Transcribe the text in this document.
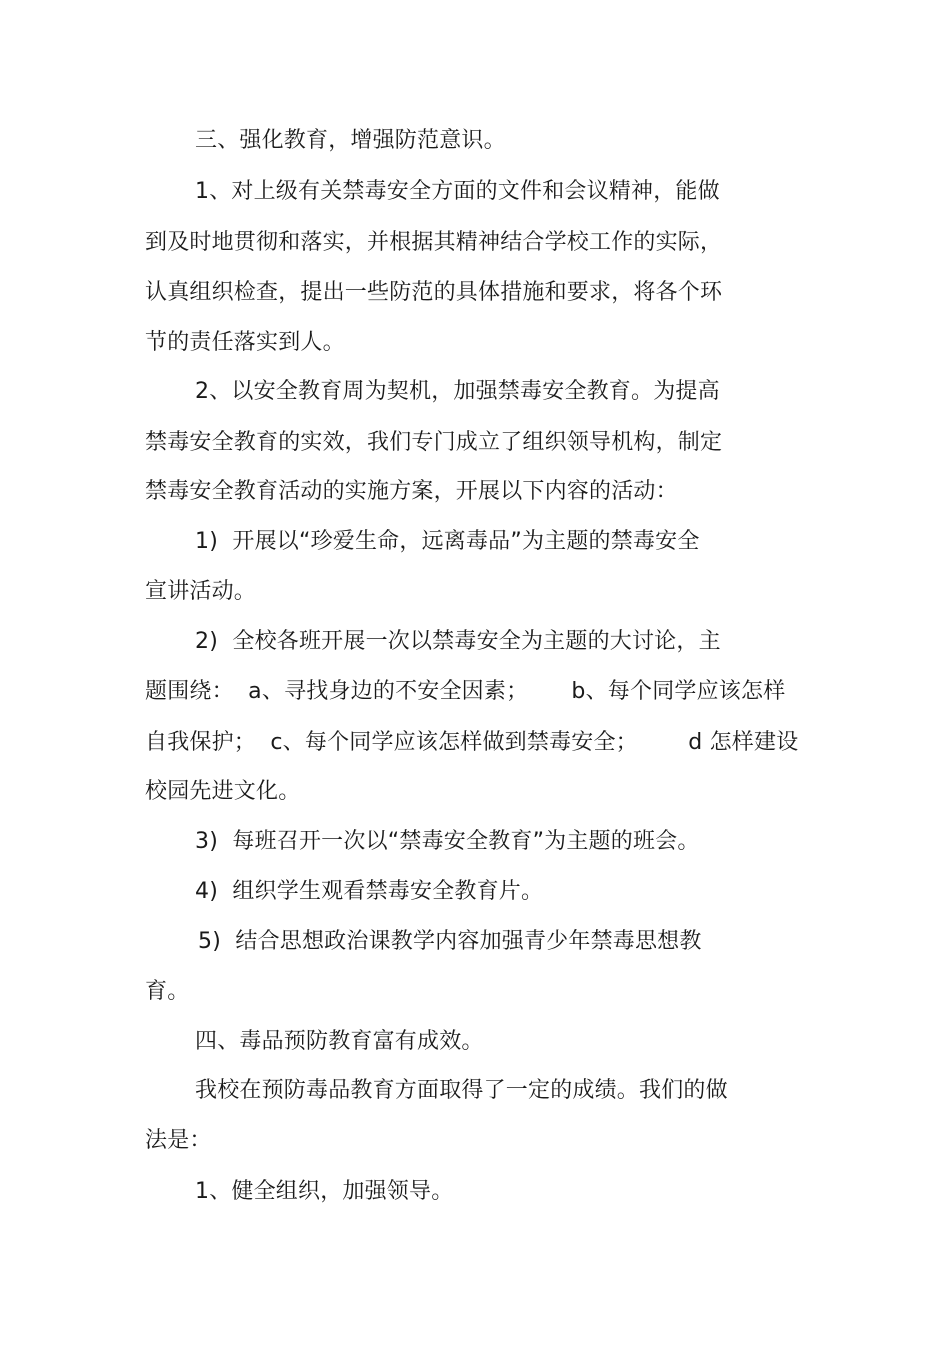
三、强化教育，增强防范意识。
1、对上级有关禁毒安全方面的文件和会议精神，能做
到及时地贯彻和落实，并根据其精神结合学校工作的实际，
认真组织检查，提出一些防范的具体措施和要求，将各个环
节的责任落实到人。
2、以安全教育周为契机，加强禁毒安全教育。为提高
禁毒安全教育的实效，我们专门成立了组织领导机构，制定
禁毒安全教育活动的实施方案，开展以下内容的活动：
1)  开展以“珍爱生命，远离毒品”为主题的禁毒安全
宣讲活动。
2)  全校各班开展一次以禁毒安全为主题的大讨论，主
题围绕：  a、寻找身边的不安全因素；      b、每个同学应该怎样
自我保护；  c、每个同学应该怎样做到禁毒安全；       d 怎样建设
校园先进文化。
3)  每班召开一次以“禁毒安全教育”为主题的班会。
4)  组织学生观看禁毒安全教育片。
5)  结合思想政治课教学内容加强青少年禁毒思想教
育。
四、毒品预防教育富有成效。
我校在预防毒品教育方面取得了一定的成绩。我们的做
法是：
1、健全组织，加强领导。
